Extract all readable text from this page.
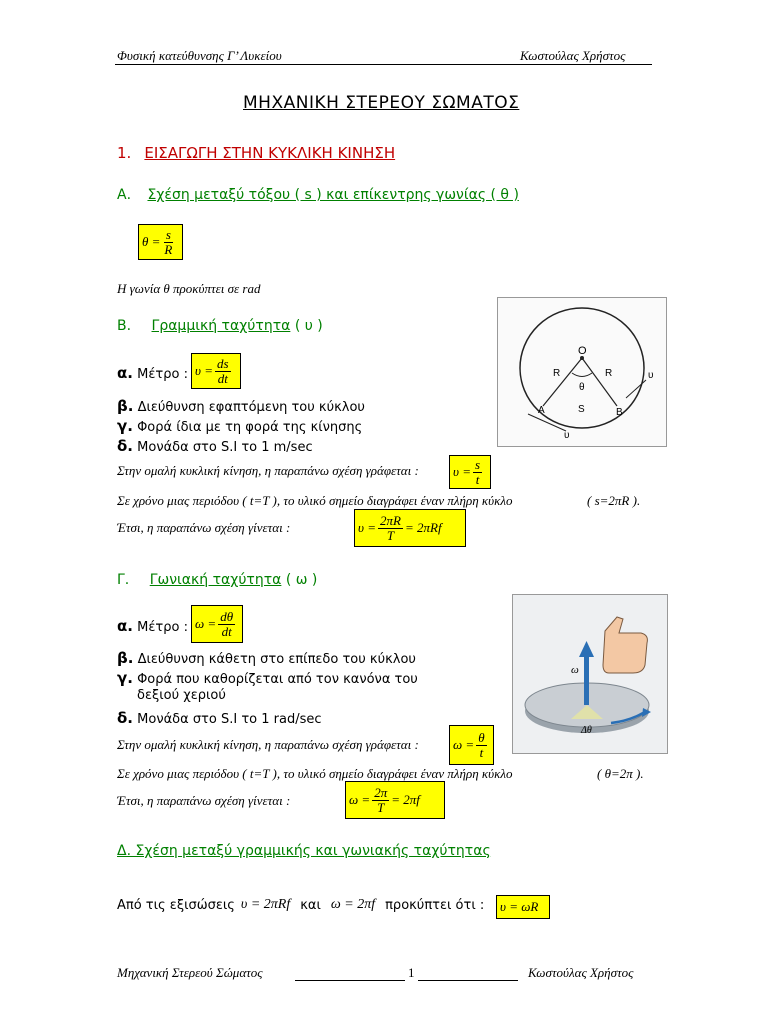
Φυσική κατεύθυνσης Γ’ Λυκείου	Κωστούλας Χρήστος
ΜΗΧΑΝΙΚΗ ΣΤΕΡΕΟΥ ΣΩΜΑΤΟΣ
1. ΕΙΣΑΓΩΓΗ ΣΤΗΝ ΚΥΚΛΙΚΗ ΚΙΝΗΣΗ
Α. Σχέση μεταξύ τόξου ( s ) και επίκεντρης γωνίας ( θ )
$\theta = \frac{s}{R}$
Η γωνία θ προκύπτει σε rad
Β. Γραμμική ταχύτητα ( υ )
α. Μέτρο : $\upsilon = \frac{ds}{dt}$
β. Διεύθυνση εφαπτόμενη του κύκλου
γ. Φορά ίδια με τη φορά της κίνησης
δ. Μονάδα στο S.I το 1 m/sec
Στην ομαλή κυκλική κίνηση, η παραπάνω σχέση γράφεται :	$\upsilon = \frac{s}{t}$
Σε χρόνο μιας περιόδου ( t=T ), το υλικό σημείο διαγράφει έναν πλήρη κύκλο	( s=2πR ).
Έτσι, η παραπάνω σχέση γίνεται :	$\upsilon = \frac{2\pi R}{T} = 2\pi Rf$
O
R	R
θ
A	B
S
υ
υ
Γ. Γωνιακή ταχύτητα ( ω )
α. Μέτρο : $\omega = \frac{d\theta}{dt}$
β. Διεύθυνση κάθετη στο επίπεδο του κύκλου
γ. Φορά που καθορίζεται από τον κανόνα του
δεξιού χεριού
δ. Μονάδα στο S.I το 1 rad/sec
Στην ομαλή κυκλική κίνηση, η παραπάνω σχέση γράφεται :	$\omega = \frac{\theta}{t}$
Σε χρόνο μιας περιόδου ( t=T ), το υλικό σημείο διαγράφει έναν πλήρη κύκλο	( θ=2π ).
Έτσι, η παραπάνω σχέση γίνεται :	$\omega = \frac{2\pi}{T} = 2\pi f$
ω
Δθ
Δ. Σχέση μεταξύ γραμμικής και γωνιακής ταχύτητας
Από τις εξισώσεις υ = 2πRf και ω = 2πf προκύπτει ότι :	υ = ωR
Μηχανική Στερεού Σώματος	1	Κωστούλας Χρήστος
